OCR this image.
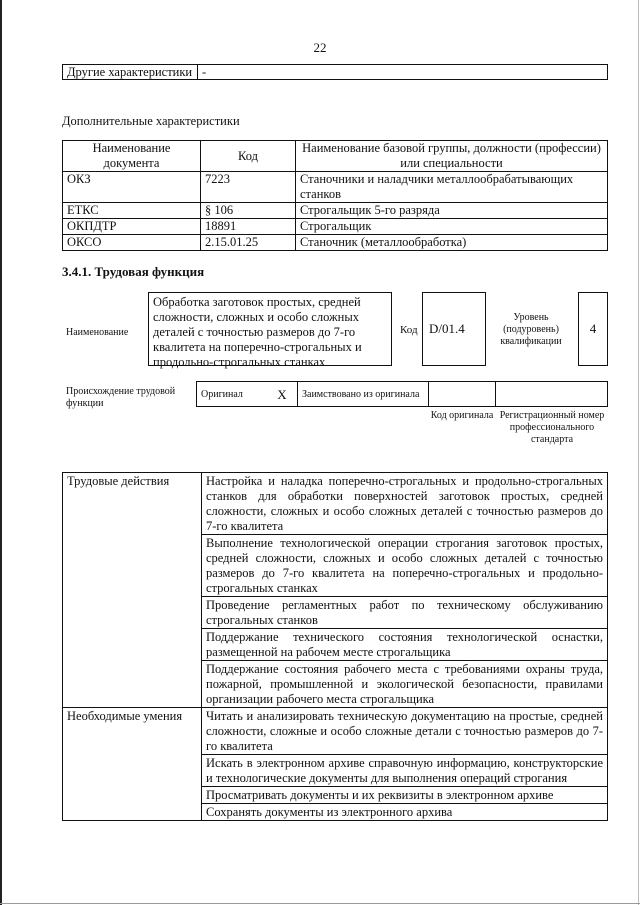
22
Другие характеристики	-
Дополнительные характеристики
Наименование документа	Код	Наименование базовой группы, должности (профессии) или специальности
ОКЗ	7223	Станочники и наладчики металлообрабатывающих станков
ЕТКС	§ 106	Строгальщик 5-го разряда
ОКПДТР	18891	Строгальщик
ОКСО	2.15.01.25	Станочник (металлообработка)
3.4.1. Трудовая функция
Наименование
Обработка заготовок простых, средней сложности, сложных и особо сложных деталей с точностью размеров до 7-го квалитета на поперечно-строгальных и продольно-строгальных станках
Код D/01.4
Уровень (подуровень) квалификации
4
Происхождение трудовой функции
Оригинал	X	Заимствовано из оригинала		
Код оригинала Регистрационный номер профессионального стандарта
Трудовые действия	Настройка и наладка поперечно-строгальных и продольно-строгальных станков для обработки поверхностей заготовок простых, средней сложности, сложных и особо сложных деталей с точностью размеров до 7-го квалитета
	Выполнение технологической операции строгания заготовок простых, средней сложности, сложных и особо сложных деталей с точностью размеров до 7-го квалитета на поперечно-строгальных и продольно-строгальных станках
	Проведение регламентных работ по техническому обслуживанию строгальных станков
	Поддержание технического состояния технологической оснастки, размещенной на рабочем месте строгальщика
	Поддержание состояния рабочего места с требованиями охраны труда, пожарной, промышленной и экологической безопасности, правилами организации рабочего места строгальщика
Необходимые умения	Читать и анализировать техническую документацию на простые, средней сложности, сложные и особо сложные детали с точностью размеров до 7-го квалитета
	Искать в электронном архиве справочную информацию, конструкторские и технологические документы для выполнения операций строгания
	Просматривать документы и их реквизиты в электронном архиве
	Сохранять документы из электронного архива
